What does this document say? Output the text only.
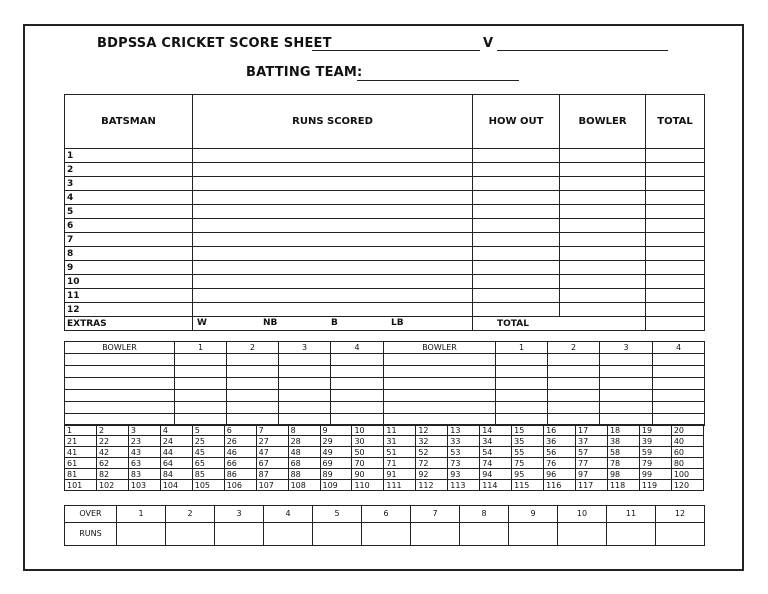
BDPSSA CRICKET SCORE SHEET	V
BATTING TEAM:
BATSMAN	RUNS SCORED	HOW OUT	BOWLER	TOTAL
1				
2				
3				
4				
5				
6				
7				
8				
9				
10				
11				
12				
EXTRAS	W NB B LB	TOTAL		
BOWLER	1	2	3	4	BOWLER	1	2	3	4

1	2	3	4	5	6	7	8	9	10	11	12	13	14	15	16	17	18	19	20
21	22	23	24	25	26	27	28	29	30	31	32	33	34	35	36	37	38	39	40
41	42	43	44	45	46	47	48	49	50	51	52	53	54	55	56	57	58	59	60
61	62	63	64	65	66	67	68	69	70	71	72	73	74	75	76	77	78	79	80
81	82	83	84	85	86	87	88	89	90	91	92	93	94	95	96	97	98	99	100
101	102	103	104	105	106	107	108	109	110	111	112	113	114	115	116	117	118	119	120
OVER	1	2	3	4	5	6	7	8	9	10	11	12
RUNS												
